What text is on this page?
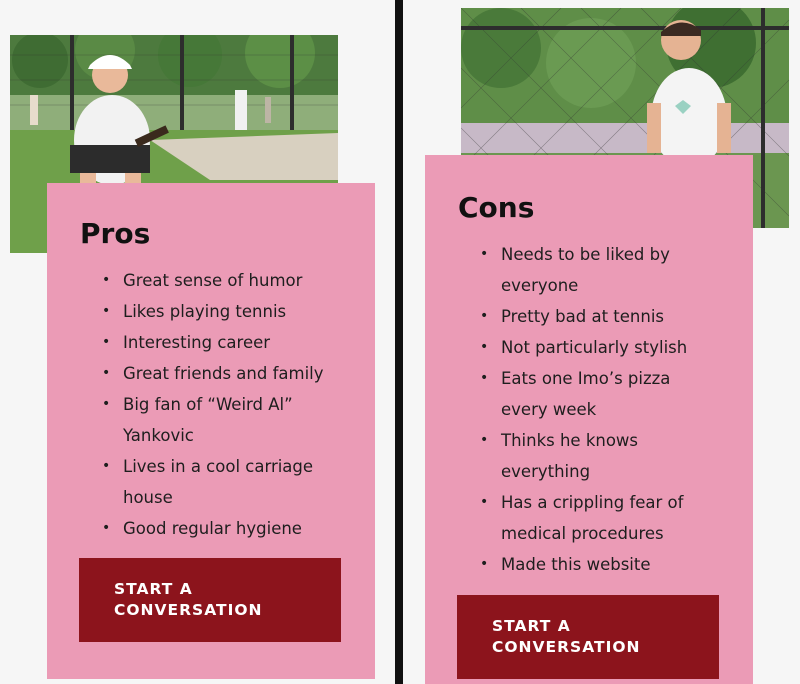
Pros
• Great sense of humor
• Likes playing tennis
• Interesting career
• Great friends and family
• Big fan of “Weird Al”
Yankovic
• Lives in a cool carriage
house
• Good regular hygiene
START A
CONVERSATION
Cons
• Needs to be liked by
everyone
• Pretty bad at tennis
• Not particularly stylish
• Eats one Imo’s pizza
every week
• Thinks he knows
everything
• Has a crippling fear of
medical procedures
• Made this website
START A
CONVERSATION
